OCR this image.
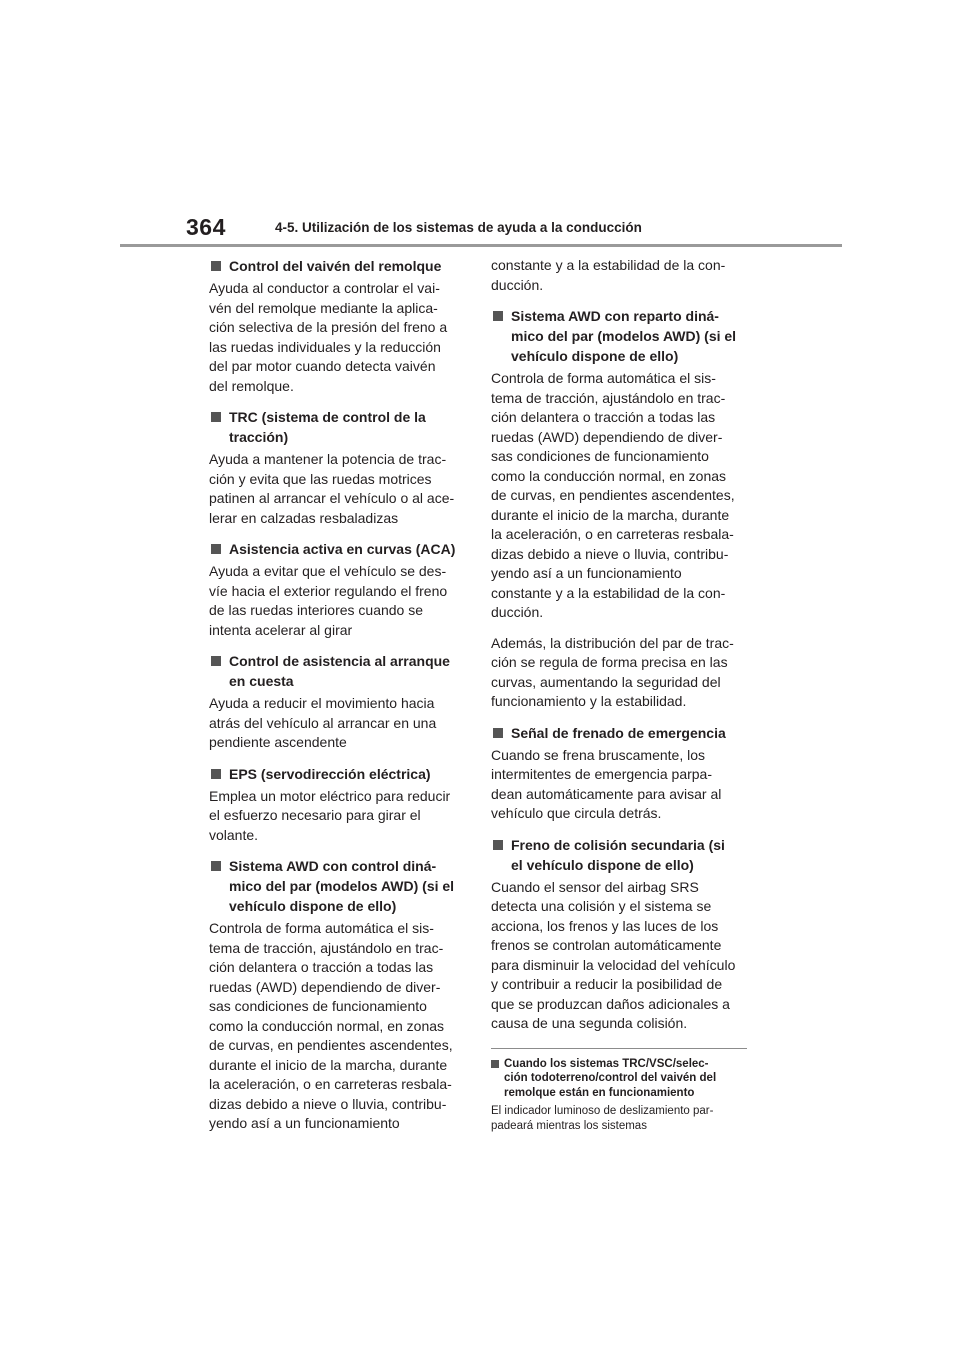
364	4-5. Utilización de los sistemas de ayuda a la conducción
Control del vaivén del remolque
Ayuda al conductor a controlar el vai-
vén del remolque mediante la aplica-
ción selectiva de la presión del freno a
las ruedas individuales y la reducción
del par motor cuando detecta vaivén
del remolque.
TRC (sistema de control de la
tracción)
Ayuda a mantener la potencia de trac-
ción y evita que las ruedas motrices
patinen al arrancar el vehículo o al ace-
lerar en calzadas resbaladizas
Asistencia activa en curvas (ACA)
Ayuda a evitar que el vehículo se des-
víe hacia el exterior regulando el freno
de las ruedas interiores cuando se
intenta acelerar al girar
Control de asistencia al arranque
en cuesta
Ayuda a reducir el movimiento hacia
atrás del vehículo al arrancar en una
pendiente ascendente
EPS (servodirección eléctrica)
Emplea un motor eléctrico para reducir
el esfuerzo necesario para girar el
volante.
Sistema AWD con control diná-
mico del par (modelos AWD) (si el
vehículo dispone de ello)
Controla de forma automática el sis-
tema de tracción, ajustándolo en trac-
ción delantera o tracción a todas las
ruedas (AWD) dependiendo de diver-
sas condiciones de funcionamiento
como la conducción normal, en zonas
de curvas, en pendientes ascendentes,
durante el inicio de la marcha, durante
la aceleración, o en carreteras resbala-
dizas debido a nieve o lluvia, contribu-
yendo así a un funcionamiento
constante y a la estabilidad de la con-
ducción.
Sistema AWD con reparto diná-
mico del par (modelos AWD) (si el
vehículo dispone de ello)
Controla de forma automática el sis-
tema de tracción, ajustándolo en trac-
ción delantera o tracción a todas las
ruedas (AWD) dependiendo de diver-
sas condiciones de funcionamiento
como la conducción normal, en zonas
de curvas, en pendientes ascendentes,
durante el inicio de la marcha, durante
la aceleración, o en carreteras resbala-
dizas debido a nieve o lluvia, contribu-
yendo así a un funcionamiento
constante y a la estabilidad de la con-
ducción.
Además, la distribución del par de trac-
ción se regula de forma precisa en las
curvas, aumentando la seguridad del
funcionamiento y la estabilidad.
Señal de frenado de emergencia
Cuando se frena bruscamente, los
intermitentes de emergencia parpa-
dean automáticamente para avisar al
vehículo que circula detrás.
Freno de colisión secundaria (si
el vehículo dispone de ello)
Cuando el sensor del airbag SRS
detecta una colisión y el sistema se
acciona, los frenos y las luces de los
frenos se controlan automáticamente
para disminuir la velocidad del vehículo
y contribuir a reducir la posibilidad de
que se produzcan daños adicionales a
causa de una segunda colisión.
Cuando los sistemas TRC/VSC/selec-
ción todoterreno/control del vaivén del
remolque están en funcionamiento
El indicador luminoso de deslizamiento par-
padeará mientras los sistemas
